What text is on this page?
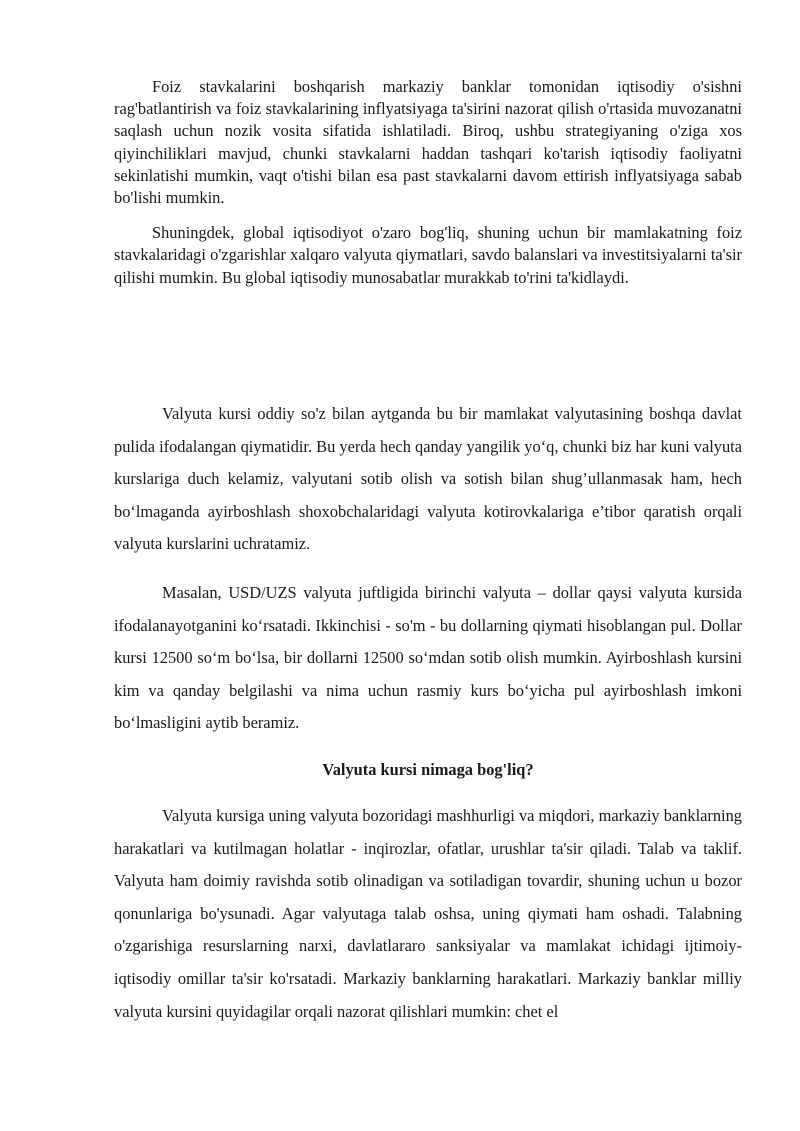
Foiz stavkalarini boshqarish markaziy banklar tomonidan iqtisodiy o'sishni rag'batlantirish va foiz stavkalarining inflyatsiyaga ta'sirini nazorat qilish o'rtasida muvozanatni saqlash uchun nozik vosita sifatida ishlatiladi. Biroq, ushbu strategiyaning o'ziga xos qiyinchiliklari mavjud, chunki stavkalarni haddan tashqari ko'tarish iqtisodiy faoliyatni sekinlatishi mumkin, vaqt o'tishi bilan esa past stavkalarni davom ettirish inflyatsiyaga sabab bo'lishi mumkin.

Shuningdek, global iqtisodiyot o'zaro bog'liq, shuning uchun bir mamlakatning foiz stavkalaridagi o'zgarishlar xalqaro valyuta qiymatlari, savdo balanslari va investitsiyalarni ta'sir qilishi mumkin. Bu global iqtisodiy munosabatlar murakkab to'rini ta'kidlaydi.

Valyuta kursi oddiy so'z bilan aytganda bu bir mamlakat valyutasining boshqa davlat pulida ifodalangan qiymatidir. Bu yerda hech qanday yangilik yo‘q, chunki biz har kuni valyuta kurslariga duch kelamiz, valyutani sotib olish va sotish bilan shug’ullanmasak ham, hech bo‘lmaganda ayirboshlash shoxobchalaridagi valyuta kotirovkalariga e’tibor qaratish orqali valyuta kurslarini uchratamiz.

Masalan, USD/UZS valyuta juftligida birinchi valyuta – dollar qaysi valyuta kursida ifodalanayotganini ko‘rsatadi. Ikkinchisi - so'm - bu dollarning qiymati hisoblangan pul. Dollar kursi 12500 so‘m bo‘lsa, bir dollarni 12500 so‘mdan sotib olish mumkin. Ayirboshlash kursini kim va qanday belgilashi va nima uchun rasmiy kurs bo‘yicha pul ayirboshlash imkoni bo‘lmasligini aytib beramiz.

Valyuta kursi nimaga bog'liq?

Valyuta kursiga uning valyuta bozoridagi mashhurligi va miqdori, markaziy banklarning harakatlari va kutilmagan holatlar - inqirozlar, ofatlar, urushlar ta'sir qiladi. Talab va taklif. Valyuta ham doimiy ravishda sotib olinadigan va sotiladigan tovardir, shuning uchun u bozor qonunlariga bo'ysunadi. Agar valyutaga talab oshsa, uning qiymati ham oshadi. Talabning o'zgarishiga resurslarning narxi, davlatlararo sanksiyalar va mamlakat ichidagi ijtimoiy-iqtisodiy omillar ta'sir ko'rsatadi. Markaziy banklarning harakatlari. Markaziy banklar milliy valyuta kursini quyidagilar orqali nazorat qilishlari mumkin: chet el
